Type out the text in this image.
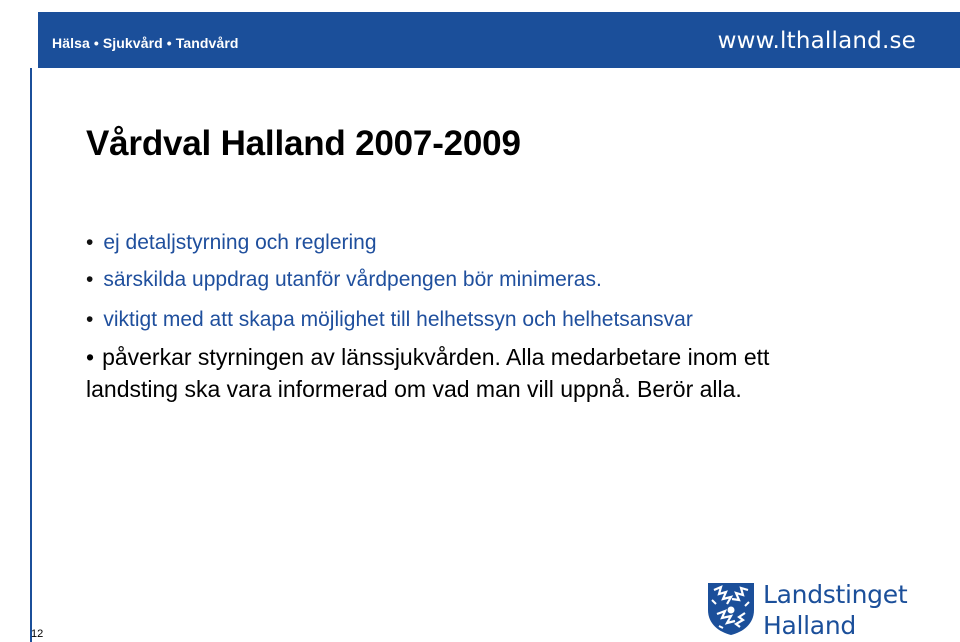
Hälsa • Sjukvård • Tandvård	www.lthalland.se
Vårdval Halland 2007-2009
• ej detaljstyrning och reglering
• särskilda uppdrag utanför vårdpengen bör minimeras.
• viktigt med att skapa möjlighet till helhetssyn och helhetsansvar
• påverkar styrningen av länssjukvården. Alla medarbetare inom ett
landsting ska vara informerad om vad man vill uppnå. Berör alla.
12
Landstinget
Halland
